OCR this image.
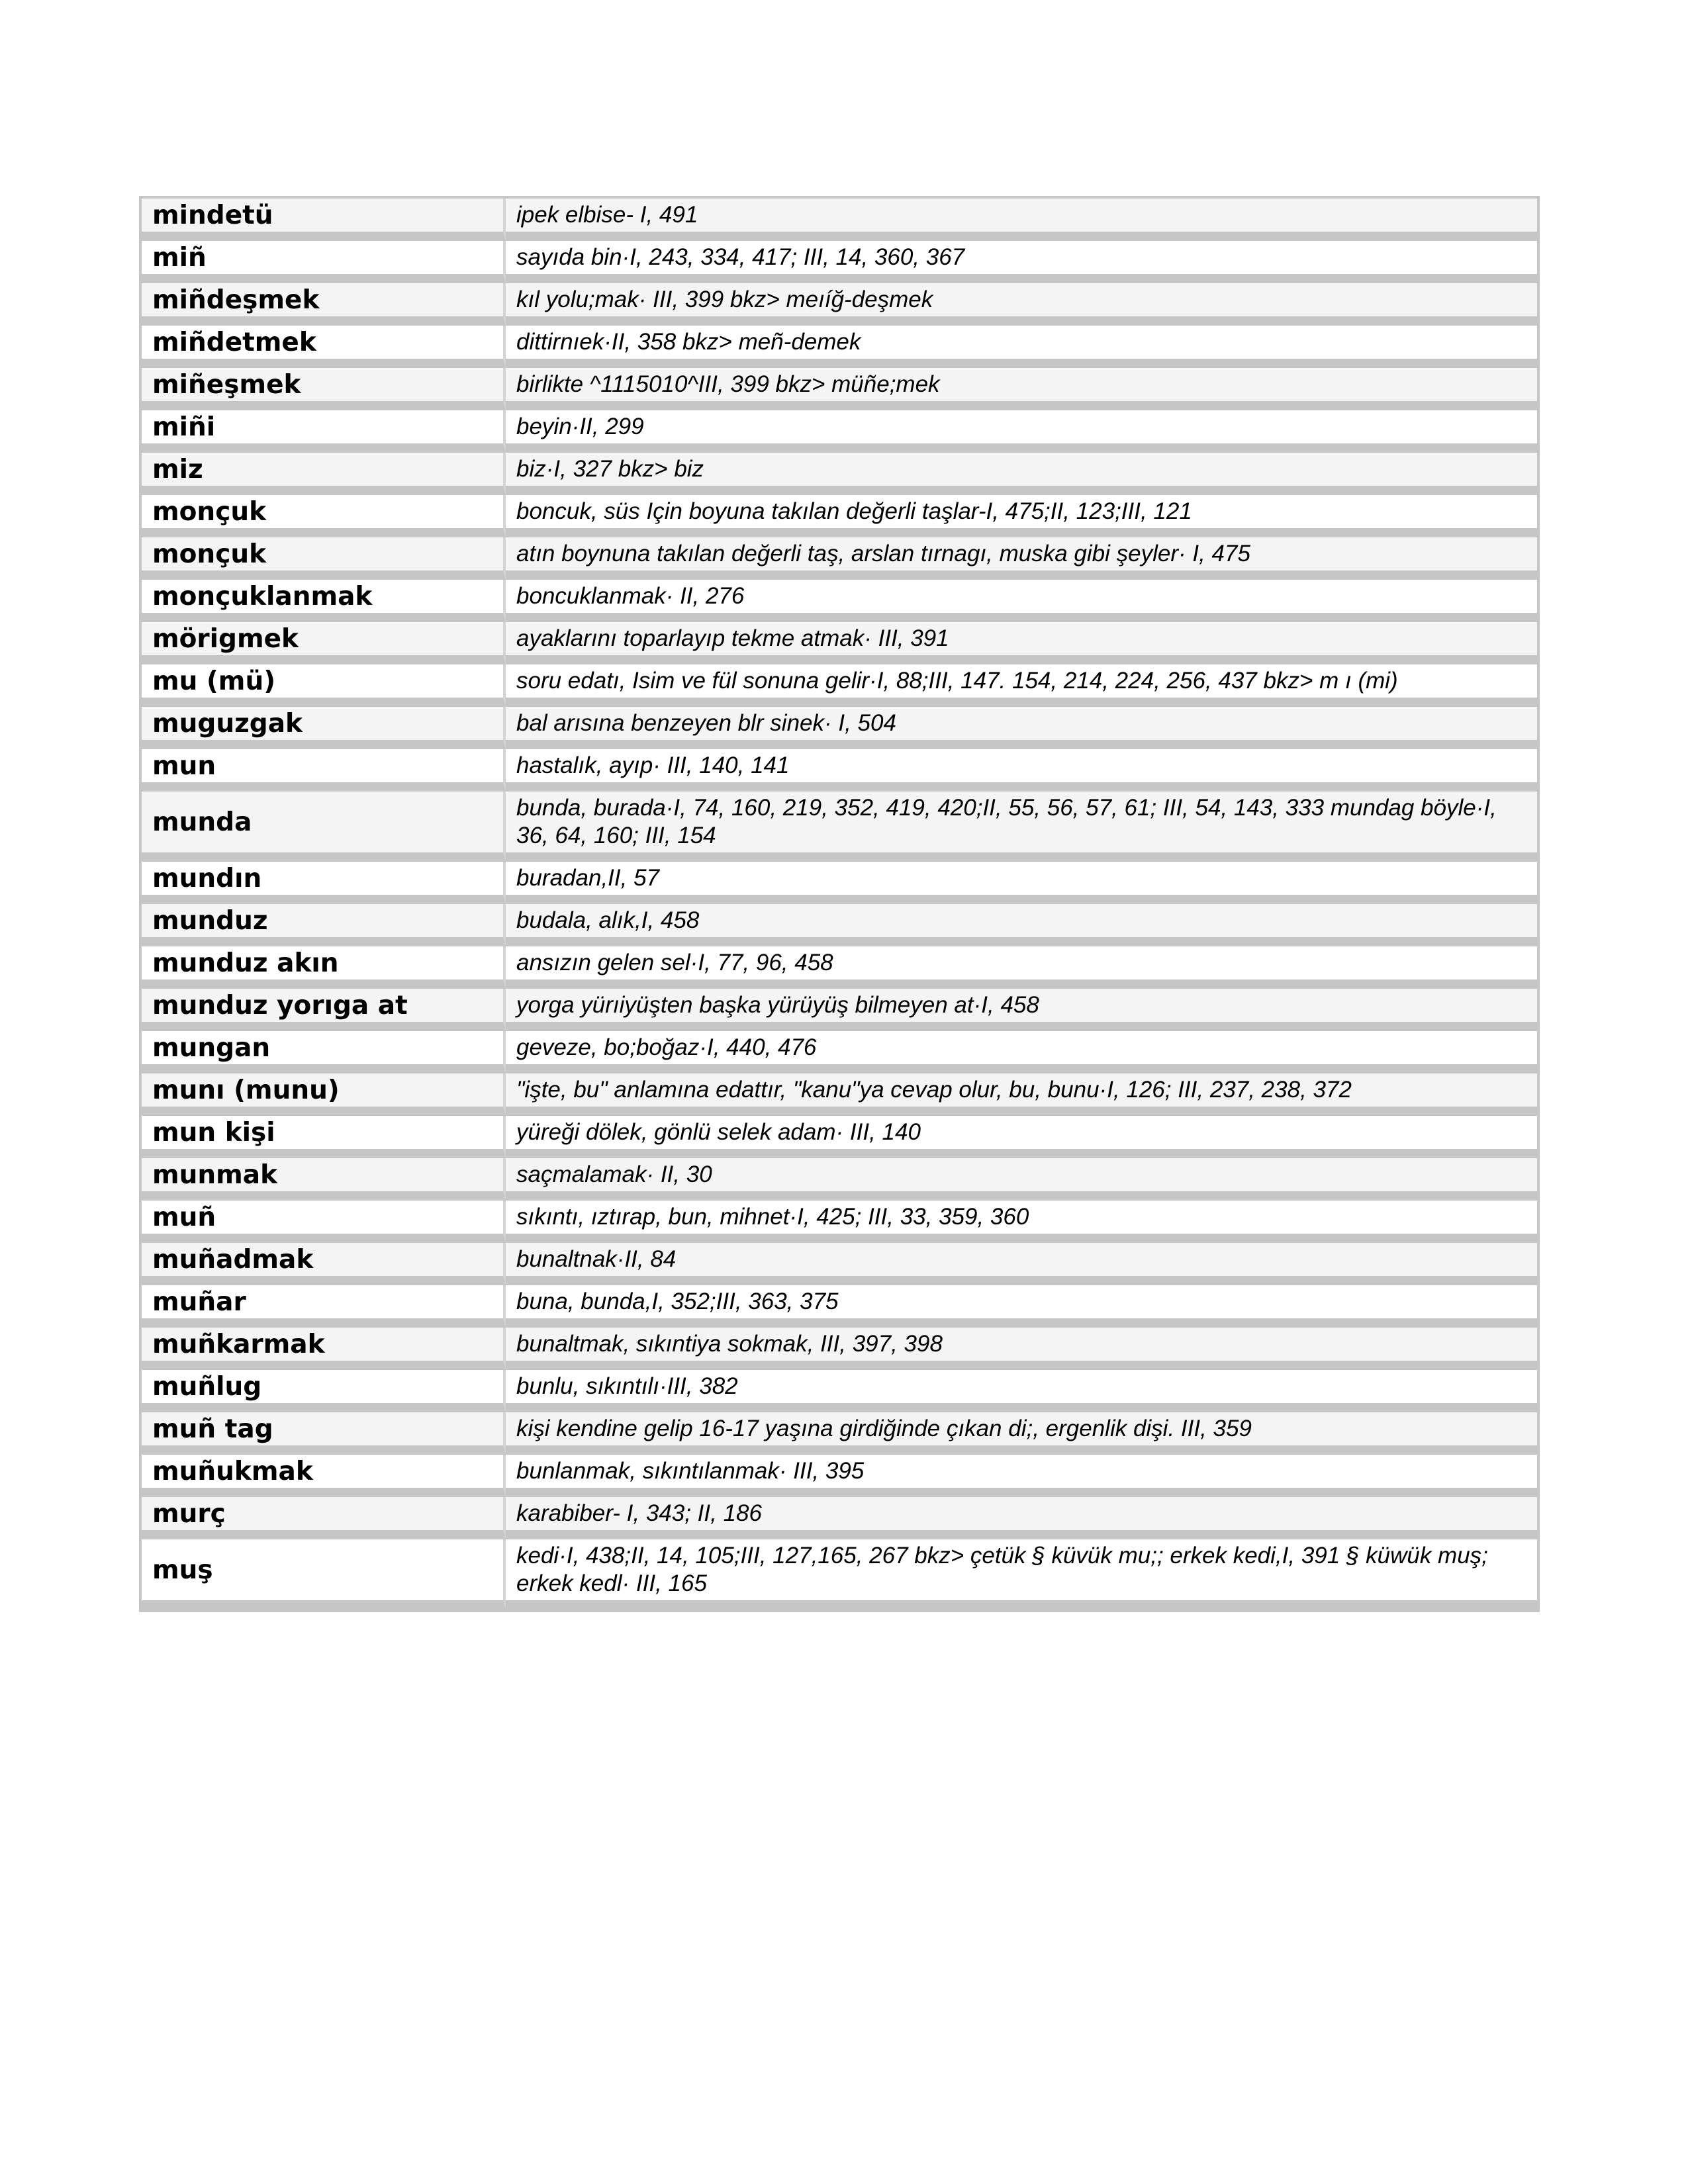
mindetü	ipek elbise- I, 491
miñ	sayıda bin·I, 243, 334, 417; III, 14, 360, 367
miñdeşmek	kıl yolu;mak· III, 399 bkz> meıíğ-deşmek
miñdetmek	dittirnıek·II, 358 bkz> meñ-demek
miñeşmek	birlikte ^1115010^III, 399 bkz> müñe;mek
miñi	beyin·II, 299
miz	biz·I, 327 bkz> biz
monçuk	boncuk, süs Için boyuna takılan değerli taşlar-I, 475;II, 123;III, 121
monçuk	atın boynuna takılan değerli taş, arslan tırnagı, muska gibi şeyler· I, 475
monçuklanmak	boncuklanmak· II, 276
mörigmek	ayaklarını toparlayıp tekme atmak· III, 391
mu (mü)	soru edatı, Isim ve fül sonuna gelir·I, 88;III, 147. 154, 214, 224, 256, 437 bkz> m ı (mi)
muguzgak	bal arısına benzeyen blr sinek· I, 504
mun	hastalık, ayıp· III, 140, 141
munda	bunda, burada·I, 74, 160, 219, 352, 419, 420;II, 55, 56, 57, 61; III, 54, 143, 333 mundag böyle·I, 36, 64, 160; III, 154
mundın	buradan,II, 57
munduz	budala, alık,I, 458
munduz akın	ansızın gelen sel·I, 77, 96, 458
munduz yorıga at	yorga yürıiyüşten başka yürüyüş bilmeyen at·I, 458
mungan	geveze, bo;boğaz·I, 440, 476
munı (munu)	"işte, bu" anlamına edattır, "kanu"ya cevap olur, bu, bunu·I, 126; III, 237, 238, 372
mun kişi	yüreği dölek, gönlü selek adam· III, 140
munmak	saçmalamak· II, 30
muñ	sıkıntı, ıztırap, bun, mihnet·I, 425; III, 33, 359, 360
muñadmak	bunaltnak·II, 84
muñar	buna, bunda,I, 352;III, 363, 375
muñkarmak	bunaltmak, sıkıntiya sokmak, III, 397, 398
muñlug	bunlu, sıkıntılı·III, 382
muñ tag	kişi kendine gelip 16-17 yaşına girdiğinde çıkan di;, ergenlik dişi. III, 359
muñukmak	bunlanmak, sıkıntılanmak· III, 395
murç	karabiber- I, 343; II, 186
muş	kedi·I, 438;II, 14, 105;III, 127,165, 267 bkz> çetük § küvük mu;; erkek kedi,I, 391 § küwük muş; erkek kedl· III, 165
